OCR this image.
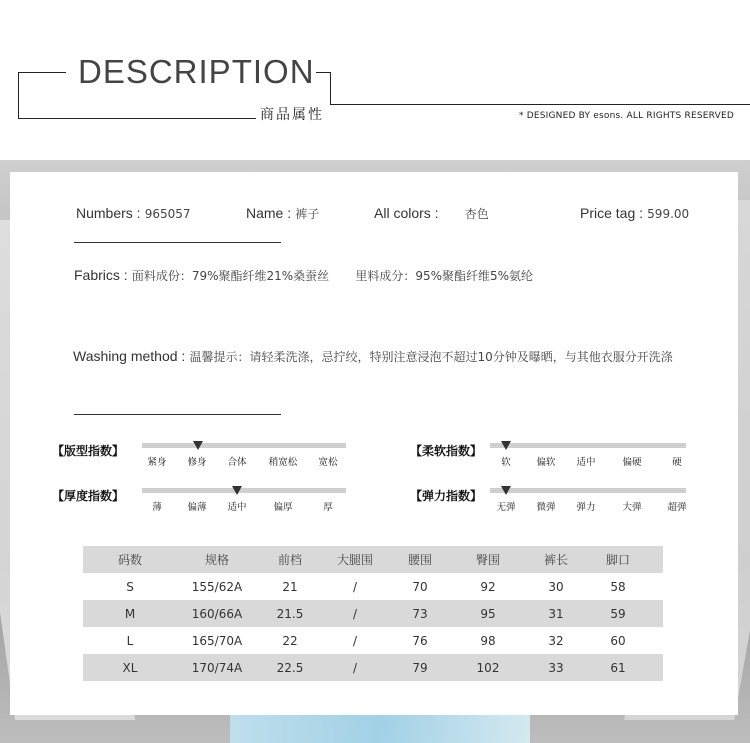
DESCRIPTION
商品属性	* DESIGNED BY esons. ALL RIGHTS RESERVED
Numbers : 965057	Name : 裤子	All colors : 杏色	Price tag : 599.00
Fabrics : 面料成份：79%聚酯纤维21%桑蚕丝 里料成分：95%聚酯纤维5%氨纶
Washing method : 温馨提示：请轻柔洗涤，忌拧绞，特别注意浸泡不超过10分钟及曝晒，与其他衣服分开洗涤
【版型指数】
紧身 修身 合体 稍宽松 宽松
【柔软指数】
软	偏软 适中	偏硬	硬
【厚度指数】
薄	偏薄 适中	偏厚	厚
【弹力指数】
无弹 微弹 弹力	大弹	超弹
码数	规格	前档	大腿围	腰围	臀围	裤长	脚口	
S	155/62A	21	/	70	92	30	58	
M	160/66A	21.5	/	73	95	31	59	
L	165/70A	22	/	76	98	32	60	
XL	170/74A	22.5	/	79	102	33	61	
